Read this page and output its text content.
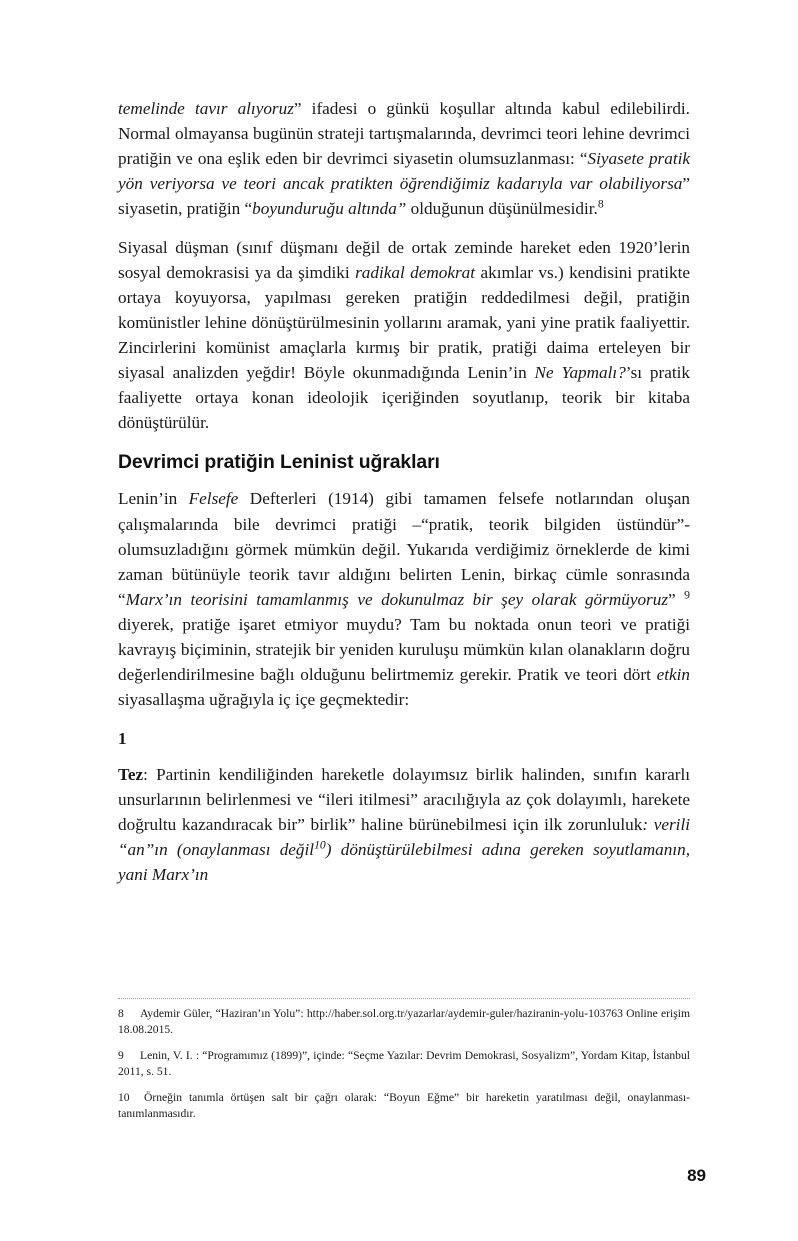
temelinde tavır alıyoruz” ifadesi o günkü koşullar altında kabul edilebilirdi. Normal olmayansa bugünün strateji tartışmalarında, devrimci teori lehine devrimci pratiğin ve ona eşlik eden bir devrimci siyasetin olumsuzlanması: “Siyasete pratik yön veriyorsa ve teori ancak pratikten öğrendiğimiz kadarıyla var olabiliyorsa” siyasetin, pratiğin “boyunduruğu altında” olduğunun düşünülmesidir.$^8$

Siyasal düşman (sınıf düşmanı değil de ortak zeminde hareket eden 1920’lerin sosyal demokrasisi ya da şimdiki radikal demokrat akımlar vs.) kendisini pratikte ortaya koyuyorsa, yapılması gereken pratiğin reddedilmesi değil, pratiğin komünistler lehine dönüştürülmesinin yollarını aramak, yani yine pratik faaliyettir. Zincirlerini komünist amaçlarla kırmış bir pratik, pratiği daima erteleyen bir siyasal analizden yeğdir! Böyle okunmadığında Lenin’in Ne Yapmalı?’sı pratik faaliyette ortaya konan ideolojik içeriğinden soyutlanıp, teorik bir kitaba dönüştürülür.

Devrimci pratiğin Leninist uğrakları

Lenin’in Felsefe Defterleri (1914) gibi tamamen felsefe notlarından oluşan çalışmalarında bile devrimci pratiği –“pratik, teorik bilgiden üstündür”- olumsuzladığını görmek mümkün değil. Yukarıda verdiğimiz örneklerde de kimi zaman bütünüyle teorik tavır aldığını belirten Lenin, birkaç cümle sonrasında “Marx’ın teorisini tamamlanmış ve dokunulmaz bir şey olarak görmüyoruz” $^9$ diyerek, pratiğe işaret etmiyor muydu? Tam bu noktada onun teori ve pratiği kavrayış biçiminin, stratejik bir yeniden kuruluşu mümkün kılan olanakların doğru değerlendirilmesine bağlı olduğunu belirtmemiz gerekir. Pratik ve teori dört etkin siyasallaşma uğrağıyla iç içe geçmektedir:

1

Tez: Partinin kendiliğinden hareketle dolayımsız birlik halinden, sınıfın kararlı unsurlarının belirlenmesi ve “ileri itilmesi” aracılığıyla az çok dolayımlı, harekete doğrultu kazandıracak bir” birlik” haline bürünebilmesi için ilk zorunluluk: verili “an”ın (onaylanması değil$^{10}$) dönüştürülebilmesi adına gereken soyutlamanın, yani Marx’ın

8 Aydemir Güler, “Haziran’ın Yolu”: http://haber.sol.org.tr/yazarlar/aydemir-guler/haziranin-yolu-103763 Online erişim 18.08.2015.

9 Lenin, V. I. : “Programımız (1899)”, içinde: “Seçme Yazılar: Devrim Demokrasi, Sosyalizm”, Yordam Kitap, İstanbul 2011, s. 51.

10 Örneğin tanımla örtüşen salt bir çağrı olarak: “Boyun Eğme” bir hareketin yaratılması değil, onaylanması-tanımlanmasıdır.

89
